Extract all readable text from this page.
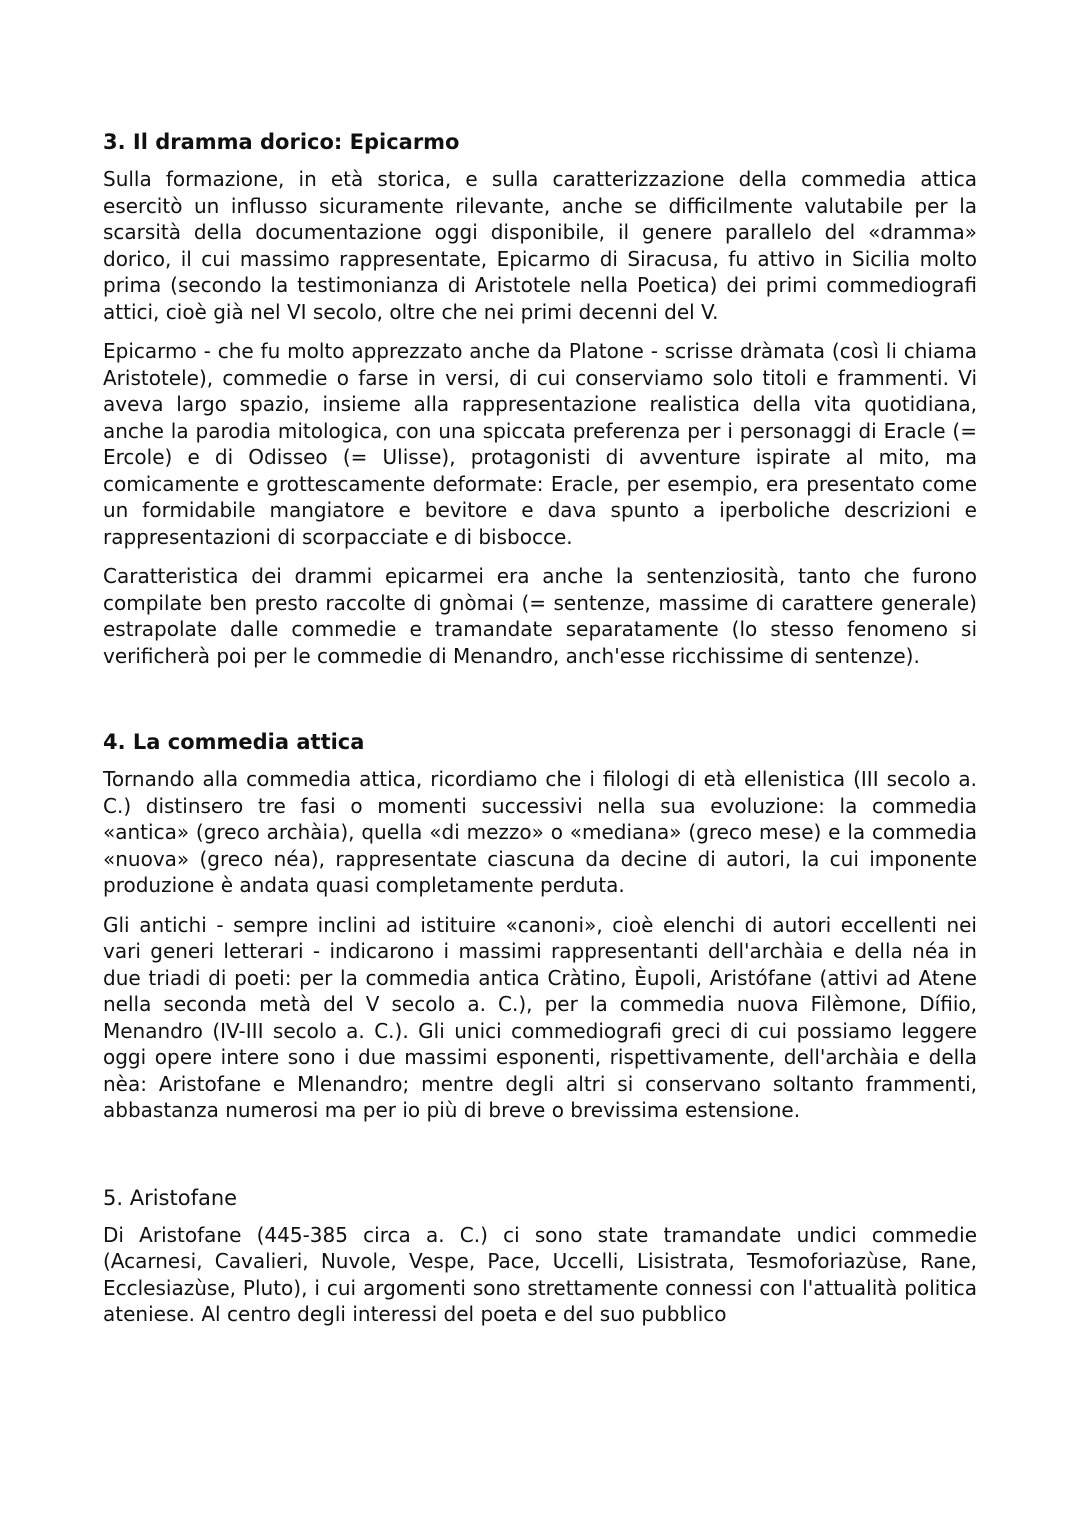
3. Il dramma dorico: Epicarmo

Sulla formazione, in età storica, e sulla caratterizzazione della commedia attica esercitò un influsso sicuramente rilevante, anche se difficilmente valutabile per la scarsità della documentazione oggi disponibile, il genere parallelo del «dramma» dorico, il cui massimo rappresentate, Epicarmo di Siracusa, fu attivo in Sicilia molto prima (secondo la testimonianza di Aristotele nella Poetica) dei primi commediografi attici, cioè già nel VI secolo, oltre che nei primi decenni del V.

Epicarmo - che fu molto apprezzato anche da Platone - scrisse dràmata (così li chiama Aristotele), commedie o farse in versi, di cui conserviamo solo titoli e frammenti. Vi aveva largo spazio, insieme alla rappresentazione realistica della vita quotidiana, anche la parodia mitologica, con una spiccata preferenza per i personaggi di Eracle (= Ercole) e di Odisseo (= Ulisse), protagonisti di avventure ispirate al mito, ma comicamente e grottescamente deformate: Eracle, per esempio, era presentato come un formidabile mangiatore e bevitore e dava spunto a iperboliche descrizioni e rappresentazioni di scorpacciate e di bisbocce.

Caratteristica dei drammi epicarmei era anche la sentenziosità, tanto che furono compilate ben presto raccolte di gnòmai (= sentenze, massime di carattere generale) estrapolate dalle commedie e tramandate separatamente (lo stesso fenomeno si verificherà poi per le commedie di Menandro, anch'esse ricchissime di sentenze).

4. La commedia attica

Tornando alla commedia attica, ricordiamo che i filologi di età ellenistica (III secolo a. C.) distinsero tre fasi o momenti successivi nella sua evoluzione: la commedia «antica» (greco archàia), quella «di mezzo» o «mediana» (greco mese) e la commedia «nuova» (greco néa), rappresentate ciascuna da decine di autori, la cui imponente produzione è andata quasi completamente perduta.

Gli antichi - sempre inclini ad istituire «canoni», cioè elenchi di autori eccellenti nei vari generi letterari - indicarono i massimi rappresentanti dell'archàia e della néa in due triadi di poeti: per la commedia antica Cràtino, Èupoli, Aristófane (attivi ad Atene nella seconda metà del V secolo a. C.), per la commedia nuova Filèmone, Dífiio, Menandro (IV-III secolo a. C.). Gli unici commediografi greci di cui possiamo leggere oggi opere intere sono i due massimi esponenti, rispettivamente, dell'archàia e della nèa: Aristofane e Mlenandro; mentre degli altri si conservano soltanto frammenti, abbastanza numerosi ma per io più di breve o brevissima estensione.

5. Aristofane

Di Aristofane (445-385 circa a. C.) ci sono state tramandate undici commedie (Acarnesi, Cavalieri, Nuvole, Vespe, Pace, Uccelli, Lisistrata, Tesmoforiazùse, Rane, Ecclesiazùse, Pluto), i cui argomenti sono strettamente connessi con l'attualità politica ateniese. Al centro degli interessi del poeta e del suo pubblico
